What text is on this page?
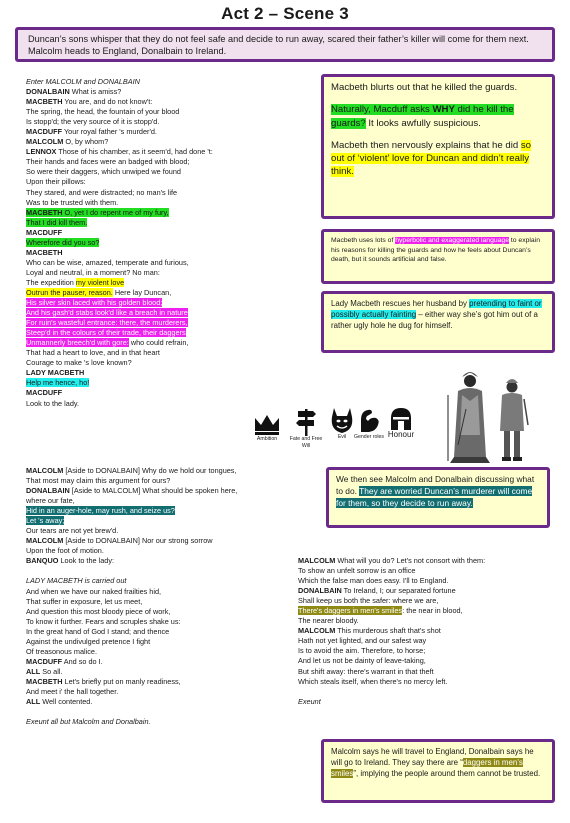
Act 2 – Scene 3
Duncan’s sons whisper that they do not feel safe and decide to run away, scared their father’s killer will come for them next. Malcolm heads to England, Donalbain to Ireland.
Enter MALCOLM and DONALBAIN
DONALBAIN What is amiss?
MACBETH You are, and do not know't:
The spring, the head, the fountain of your blood
Is stopp'd; the very source of it is stopp'd.
MACDUFF Your royal father 's murder'd.
MALCOLM O, by whom?
LENNOX Those of his chamber, as it seem'd, had done 't:
Their hands and faces were an badged with blood;
So were their daggers, which unwiped we found
Upon their pillows:
They stared, and were distracted; no man's life
Was to be trusted with them.
MACBETH O, yet I do repent me of my fury,
That I did kill them.
MACDUFF
Wherefore did you so?
MACBETH
Who can be wise, amazed, temperate and furious,
Loyal and neutral, in a moment? No man:
The expedition my violent love
Outrun the pauser, reason. Here lay Duncan,
His silver skin laced with his golden blood;
And his gash'd stabs look'd like a breach in nature
For ruin's wasteful entrance: there, the murderers,
Steep'd in the colours of their trade, their daggers
Unmannerly breech'd with gore: who could refrain,
That had a heart to love, and in that heart
Courage to make 's love known?
LADY MACBETH
Help me hence, ho!
MACDUFF
Look to the lady.
MALCOLM [Aside to DONALBAIN] Why do we hold our tongues,
That most may claim this argument for ours?
DONALBAIN [Aside to MALCOLM] What should be spoken here,
where our fate,
Hid in an auger-hole, may rush, and seize us?
Let 's away;
Our tears are not yet brew'd.
MALCOLM [Aside to DONALBAIN] Nor our strong sorrow
Upon the foot of motion.
BANQUO Look to the lady:
LADY MACBETH is carried out
And when we have our naked frailties hid,
That suffer in exposure, let us meet,
And question this most bloody piece of work,
To know it further. Fears and scruples shake us:
In the great hand of God I stand; and thence
Against the undivulged pretence I fight
Of treasonous malice.
MACDUFF And so do I.
ALL So all.
MACBETH Let's briefly put on manly readiness,
And meet i' the hall together.
ALL Well contented.
Exeunt all but Malcolm and Donalbain.
MALCOLM What will you do? Let's not consort with them:
To show an unfelt sorrow is an office
Which the false man does easy. I'll to England.
DONALBAIN To Ireland, I; our separated fortune
Shall keep us both the safer: where we are,
There's daggers in men's smiles: the near in blood,
The nearer bloody.
MALCOLM This murderous shaft that's shot
Hath not yet lighted, and our safest way
Is to avoid the aim. Therefore, to horse;
And let us not be dainty of leave-taking,
But shift away: there's warrant in that theft
Which steals itself, when there's no mercy left.
Exeunt

Macbeth blurts out that he killed the guards.

Naturally, Macduff asks WHY did he kill the guards? It looks awfully suspicious.

Macbeth then nervously explains that he did so out of ‘violent’ love for Duncan and didn’t really think.

Macbeth uses lots of hyperbolic and exaggerated language to explain his reasons for killing the guards and how he feels about Duncan’s death, but it sounds artificial and false.

Lady Macbeth rescues her husband by pretending to faint or possibly actually fainting – either way she’s got him out of a rather ugly hole he dug for himself.

We then see Malcolm and Donalbain discussing what to do. They are worried Duncan’s murderer will come for them, so they decide to run away.

Malcolm says he will travel to England, Donalbain says he will go to Ireland. They say there are “daggers in men’s smiles”, implying the people around them cannot be trusted.

Ambition	Fate and Free Will
Evil	Gender roles Honour
